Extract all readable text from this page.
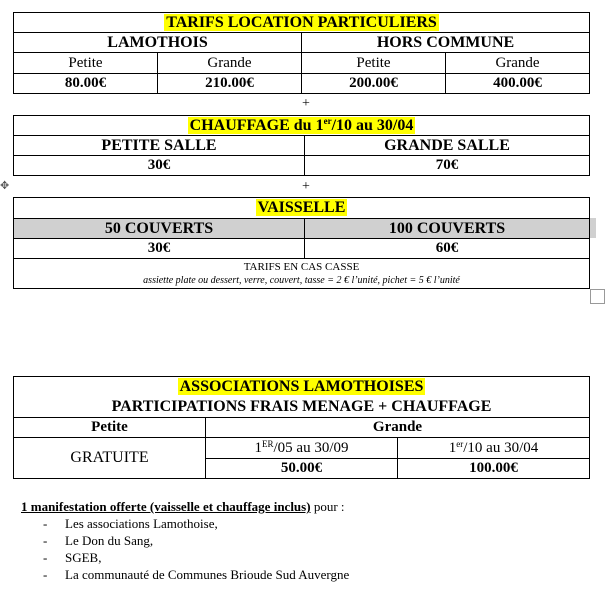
TARIFS LOCATION PARTICULIERS			
LAMOTHOIS		HORS COMMUNE	
Petite	Grande	Petite	Grande
80.00€	210.00€	200.00€	400.00€
+
CHAUFFAGE du 1er/10 au 30/04	
PETITE SALLE	GRANDE SALLE
30€	70€
✥	+
VAISSELLE	
50 COUVERTS	100 COUVERTS
30€	60€

TARIFS EN CAS CASSE
assiette plate ou dessert, verre, couvert, tasse = 2 € l’unité, pichet = 5 € l’unité	
ASSOCIATIONS LAMOTHOISES
PARTICIPATIONS FRAIS MENAGE + CHAUFFAGE		

Petite	Grande	
GRATUITE	1ER/05 au 30/09	1er/10 au 30/04
	50.00€	100.00€
1 manifestation offerte (vaisselle et chauffage inclus) pour :
- Les associations Lamothoise,
- Le Don du Sang,
- SGEB,
- La communauté de Communes Brioude Sud Auvergne
